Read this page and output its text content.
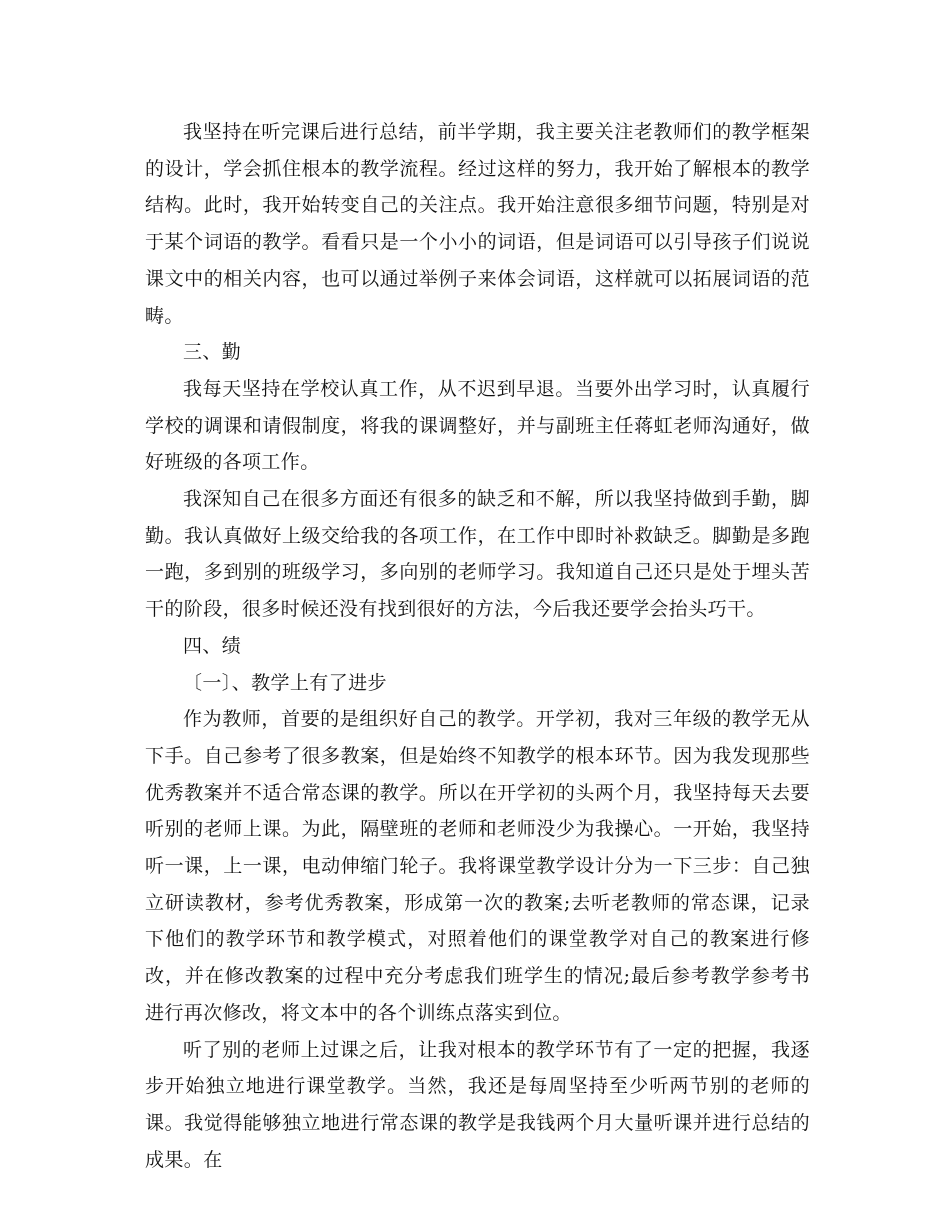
我坚持在听完课后进行总结，前半学期，我主要关注老教师们的教学框架的设计，学会抓住根本的教学流程。经过这样的努力，我开始了解根本的教学结构。此时，我开始转变自己的关注点。我开始注意很多细节问题，特别是对于某个词语的教学。看看只是一个小小的词语，但是词语可以引导孩子们说说课文中的相关内容，也可以通过举例子来体会词语，这样就可以拓展词语的范畴。

三、勤

我每天坚持在学校认真工作，从不迟到早退。当要外出学习时，认真履行学校的调课和请假制度，将我的课调整好，并与副班主任蒋虹老师沟通好，做好班级的各项工作。

我深知自己在很多方面还有很多的缺乏和不解，所以我坚持做到手勤，脚勤。我认真做好上级交给我的各项工作，在工作中即时补救缺乏。脚勤是多跑一跑，多到别的班级学习，多向别的老师学习。我知道自己还只是处于埋头苦干的阶段，很多时候还没有找到很好的方法，今后我还要学会抬头巧干。

四、绩

〔一〕、教学上有了进步

作为教师，首要的是组织好自己的教学。开学初，我对三年级的教学无从下手。自己参考了很多教案，但是始终不知教学的根本环节。因为我发现那些优秀教案并不适合常态课的教学。所以在开学初的头两个月，我坚持每天去要听别的老师上课。为此，隔壁班的老师和老师没少为我操心。一开始，我坚持听一课，上一课，电动伸缩门轮子。我将课堂教学设计分为一下三步：自己独立研读教材，参考优秀教案，形成第一次的教案;去听老教师的常态课，记录下他们的教学环节和教学模式，对照着他们的课堂教学对自己的教案进行修改，并在修改教案的过程中充分考虑我们班学生的情况;最后参考教学参考书进行再次修改，将文本中的各个训练点落实到位。

听了别的老师上过课之后，让我对根本的教学环节有了一定的把握，我逐步开始独立地进行课堂教学。当然，我还是每周坚持至少听两节别的老师的课。我觉得能够独立地进行常态课的教学是我钱两个月大量听课并进行总结的成果。在
